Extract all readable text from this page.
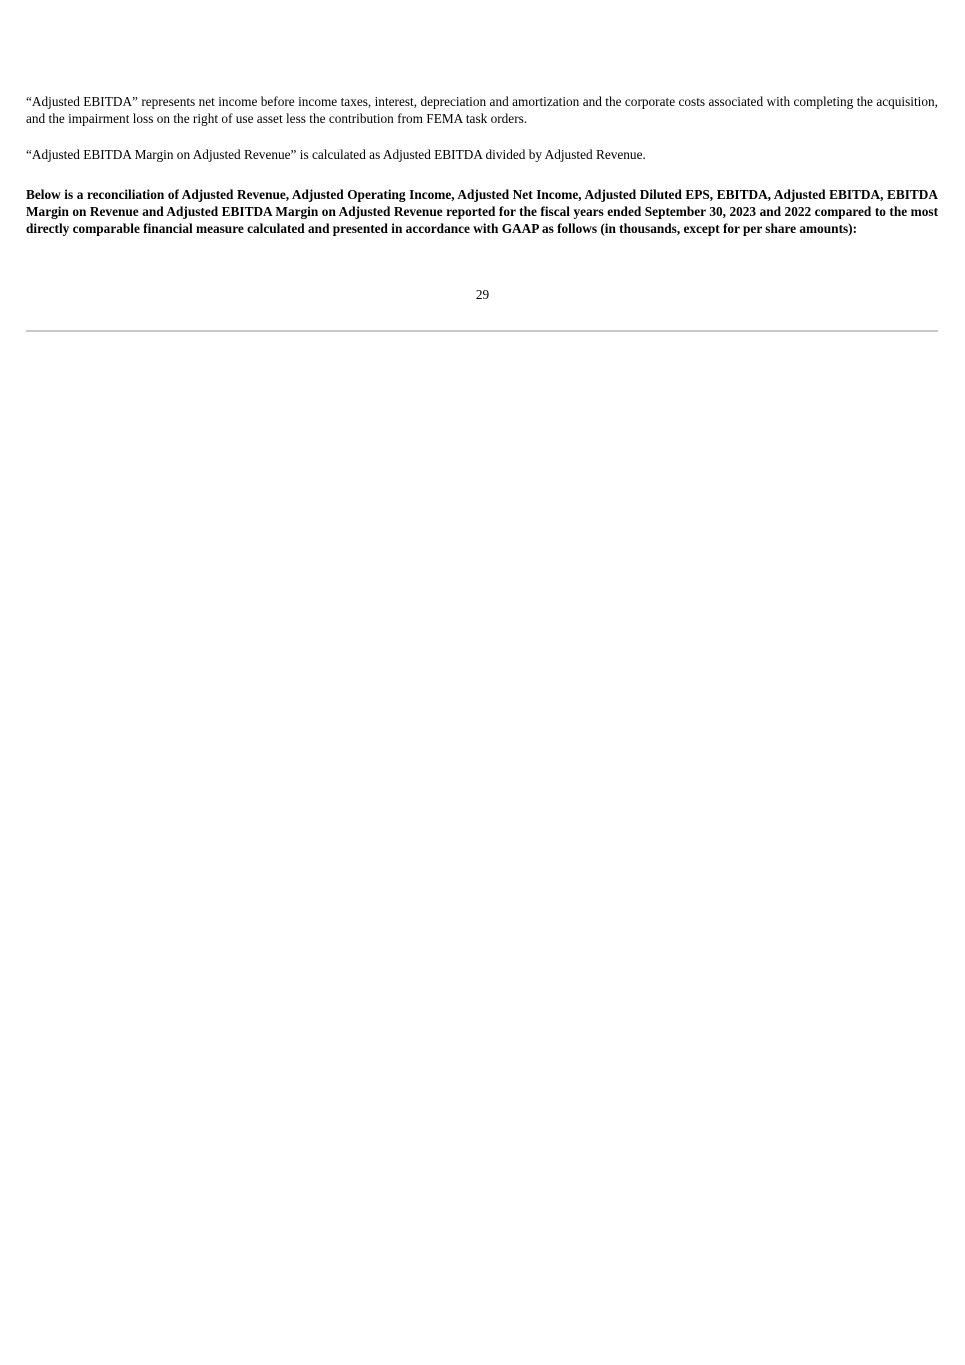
“Adjusted EBITDA” represents net income before income taxes, interest, depreciation and amortization and the corporate costs associated with completing the acquisition, and the impairment loss on the right of use asset less the contribution from FEMA task orders.

“Adjusted EBITDA Margin on Adjusted Revenue” is calculated as Adjusted EBITDA divided by Adjusted Revenue.

Below is a reconciliation of Adjusted Revenue, Adjusted Operating Income, Adjusted Net Income, Adjusted Diluted EPS, EBITDA, Adjusted EBITDA, EBITDA Margin on Revenue and Adjusted EBITDA Margin on Adjusted Revenue reported for the fiscal years ended September 30, 2023 and 2022 compared to the most directly comparable financial measure calculated and presented in accordance with GAAP as follows (in thousands, except for per share amounts):

29
